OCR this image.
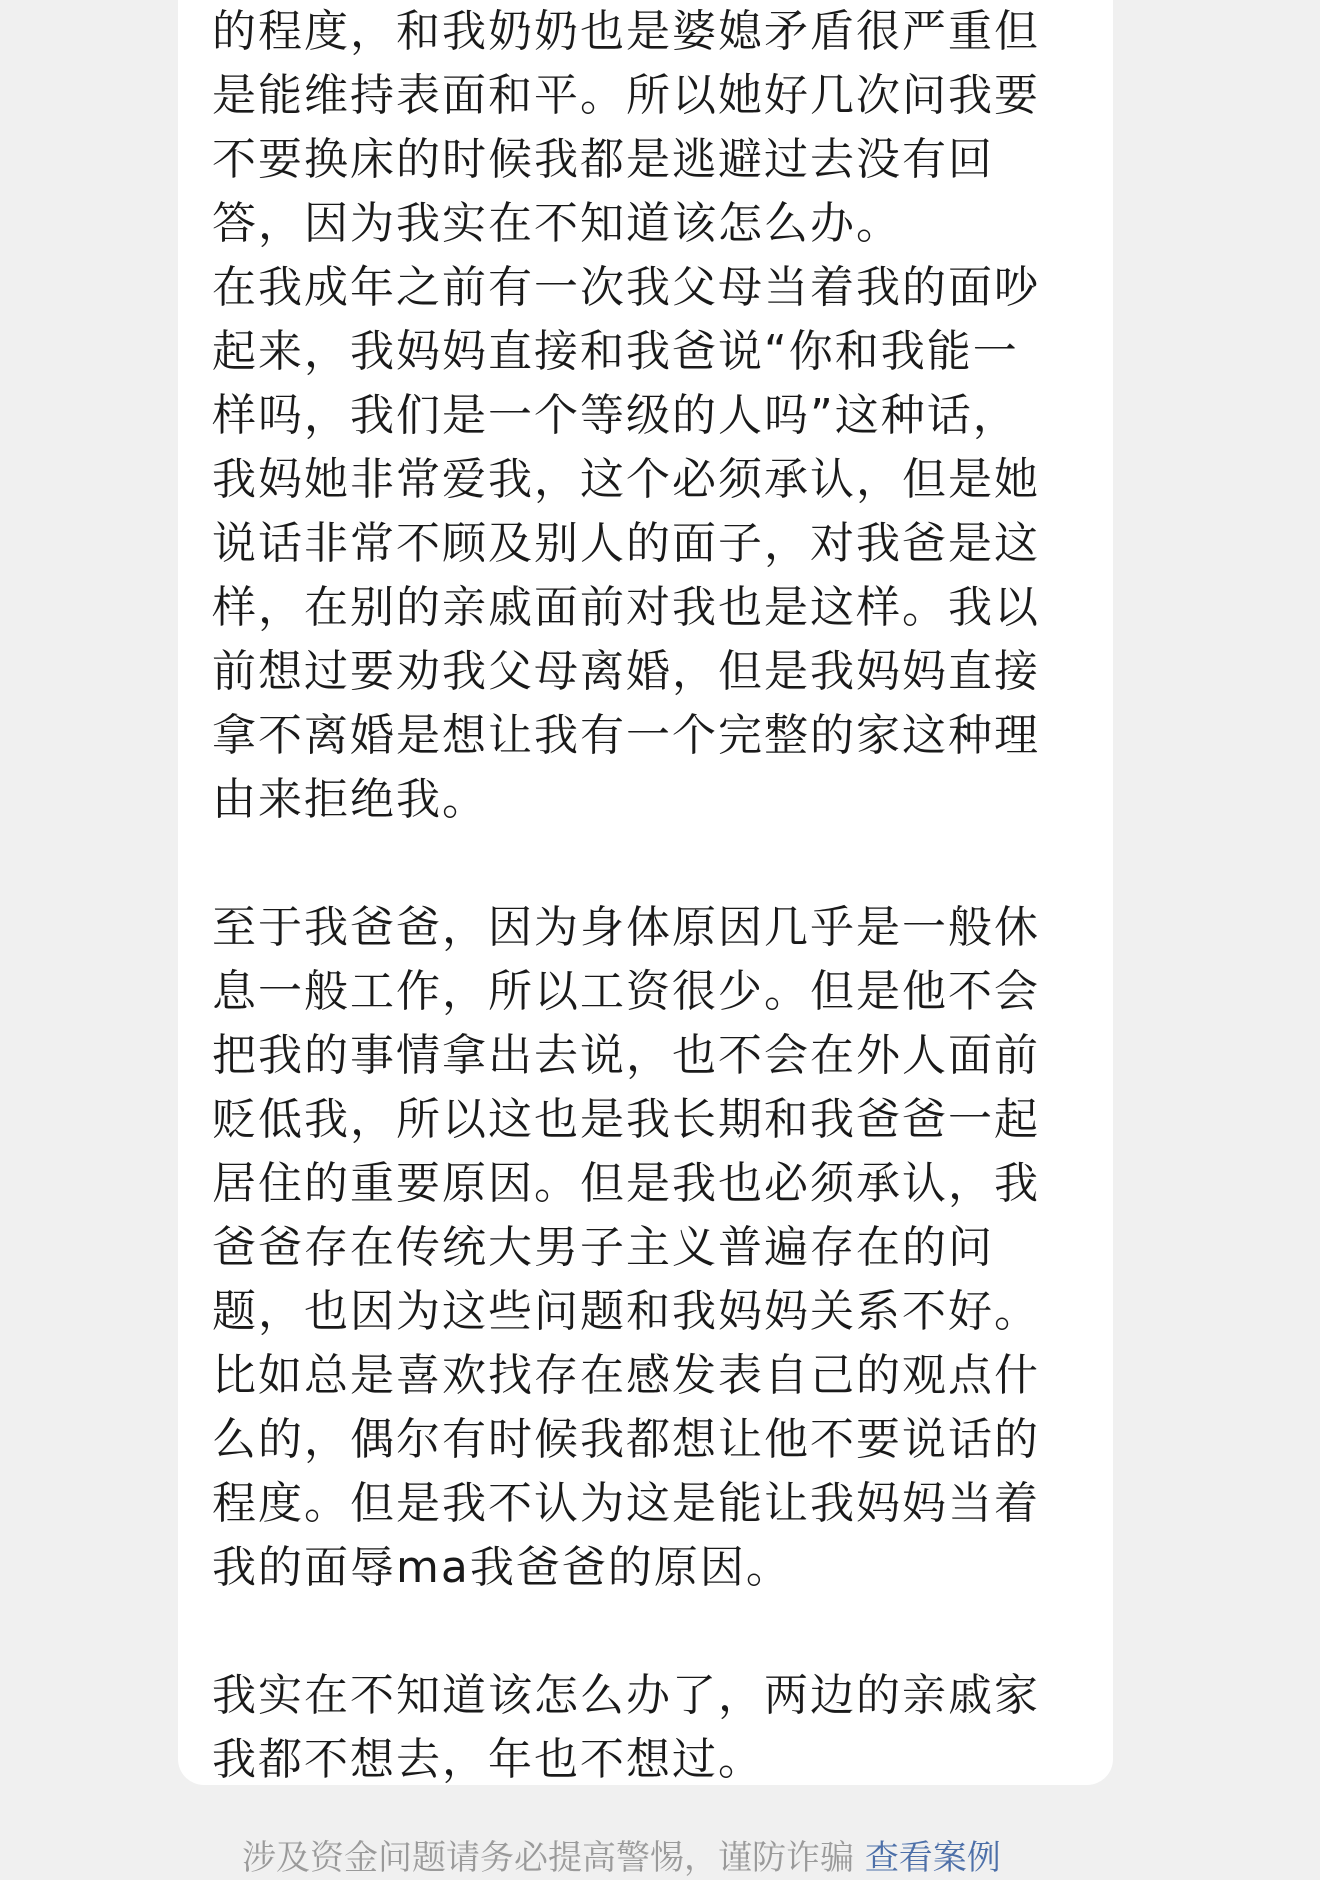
的程度，和我奶奶也是婆媳矛盾很严重但
是能维持表面和平。所以她好几次问我要
不要换床的时候我都是逃避过去没有回
答，因为我实在不知道该怎么办。
在我成年之前有一次我父母当着我的面吵
起来，我妈妈直接和我爸说“你和我能一
样吗，我们是一个等级的人吗”这种话，
我妈她非常爱我，这个必须承认，但是她
说话非常不顾及别人的面子，对我爸是这
样，在别的亲戚面前对我也是这样。我以
前想过要劝我父母离婚，但是我妈妈直接
拿不离婚是想让我有一个完整的家这种理
由来拒绝我。

至于我爸爸，因为身体原因几乎是一般休
息一般工作，所以工资很少。但是他不会
把我的事情拿出去说，也不会在外人面前
贬低我，所以这也是我长期和我爸爸一起
居住的重要原因。但是我也必须承认，我
爸爸存在传统大男子主义普遍存在的问
题，也因为这些问题和我妈妈关系不好。
比如总是喜欢找存在感发表自己的观点什
么的，偶尔有时候我都想让他不要说话的
程度。但是我不认为这是能让我妈妈当着
我的面辱ma我爸爸的原因。

我实在不知道该怎么办了，两边的亲戚家
我都不想去，年也不想过。

涉及资金问题请务必提高警惕，谨防诈骗 查看案例
